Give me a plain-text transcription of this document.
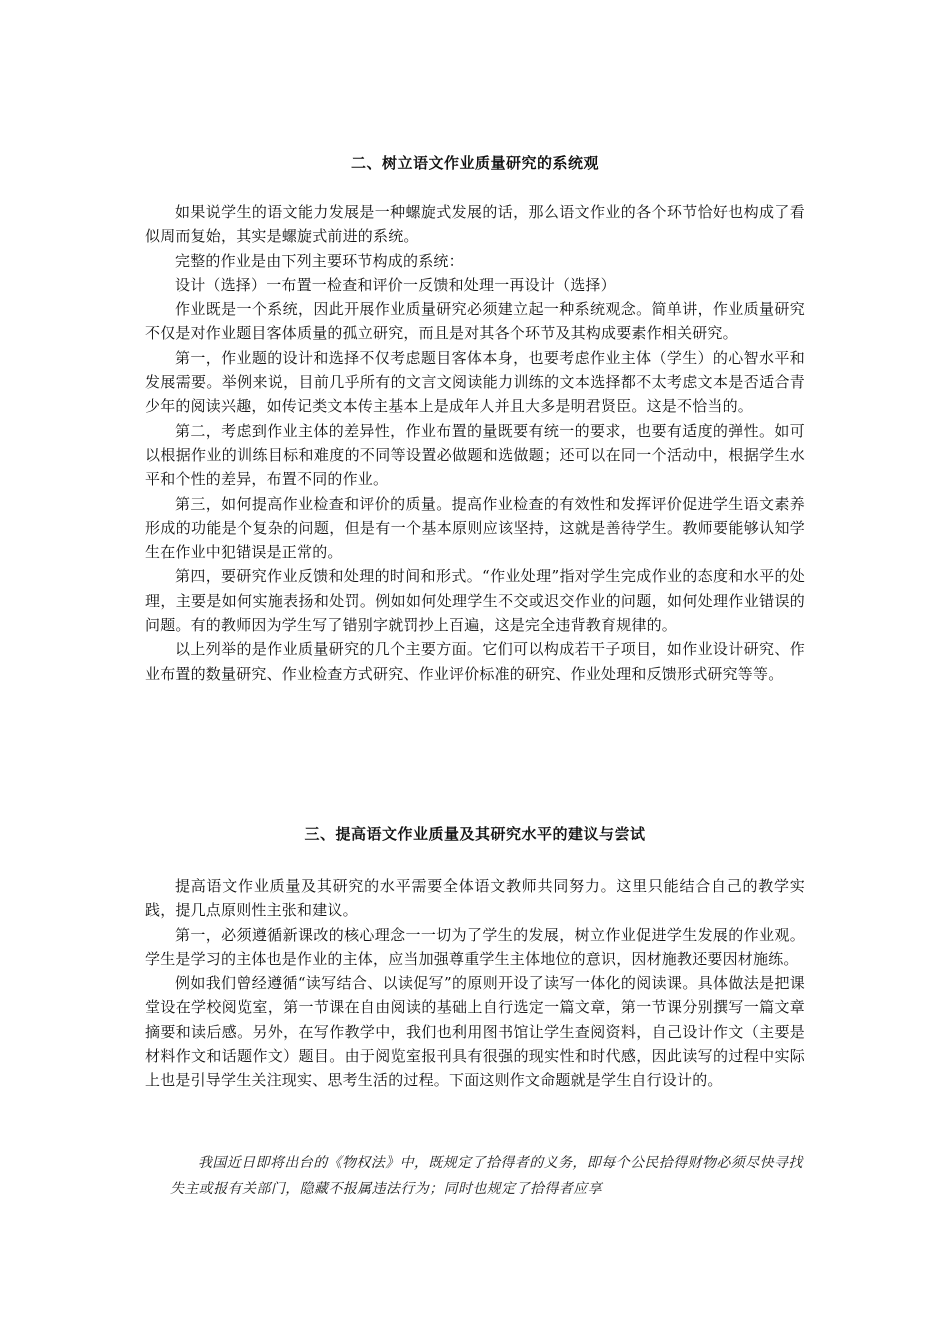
二、树立语文作业质量研究的系统观

如果说学生的语文能力发展是一种螺旋式发展的话，那么语文作业的各个环节恰好也构成了看似周而复始，其实是螺旋式前进的系统。

完整的作业是由下列主要环节构成的系统：

设计（选择）一布置一检查和评价一反馈和处理一再设计（选择）

作业既是一个系统，因此开展作业质量研究必须建立起一种系统观念。简单讲，作业质量研究不仅是对作业题目客体质量的孤立研究，而且是对其各个环节及其构成要素作相关研究。

第一，作业题的设计和选择不仅考虑题目客体本身，也要考虑作业主体（学生）的心智水平和发展需要。举例来说，目前几乎所有的文言文阅读能力训练的文本选择都不太考虑文本是否适合青少年的阅读兴趣，如传记类文本传主基本上是成年人并且大多是明君贤臣。这是不恰当的。

第二，考虑到作业主体的差异性，作业布置的量既要有统一的要求，也要有适度的弹性。如可以根据作业的训练目标和难度的不同等设置必做题和选做题；还可以在同一个活动中，根据学生水平和个性的差异，布置不同的作业。

第三，如何提高作业检查和评价的质量。提高作业检查的有效性和发挥评价促进学生语文素养形成的功能是个复杂的问题，但是有一个基本原则应该坚持，这就是善待学生。教师要能够认知学生在作业中犯错误是正常的。

第四，要研究作业反馈和处理的时间和形式。“作业处理”指对学生完成作业的态度和水平的处理，主要是如何实施表扬和处罚。例如如何处理学生不交或迟交作业的问题，如何处理作业错误的问题。有的教师因为学生写了错别字就罚抄上百遍，这是完全违背教育规律的。

以上列举的是作业质量研究的几个主要方面。它们可以构成若干子项目，如作业设计研究、作业布置的数量研究、作业检查方式研究、作业评价标准的研究、作业处理和反馈形式研究等等。

三、提高语文作业质量及其研究水平的建议与尝试

提高语文作业质量及其研究的水平需要全体语文教师共同努力。这里只能结合自己的教学实践，提几点原则性主张和建议。

第一，必须遵循新课改的核心理念一一切为了学生的发展，树立作业促进学生发展的作业观。学生是学习的主体也是作业的主体，应当加强尊重学生主体地位的意识，因材施教还要因材施练。

例如我们曾经遵循“读写结合、以读促写”的原则开设了读写一体化的阅读课。具体做法是把课堂设在学校阅览室，第一节课在自由阅读的基础上自行选定一篇文章，第一节课分别撰写一篇文章摘要和读后感。另外，在写作教学中，我们也利用图书馆让学生查阅资料，自己设计作文（主要是材料作文和话题作文）题目。由于阅览室报刊具有很强的现实性和时代感，因此读写的过程中实际上也是引导学生关注现实、思考生活的过程。下面这则作文命题就是学生自行设计的。

我国近日即将出台的《物权法》中，既规定了拾得者的义务，即每个公民拾得财物必须尽快寻找失主或报有关部门，隐藏不报属违法行为；同时也规定了拾得者应享
